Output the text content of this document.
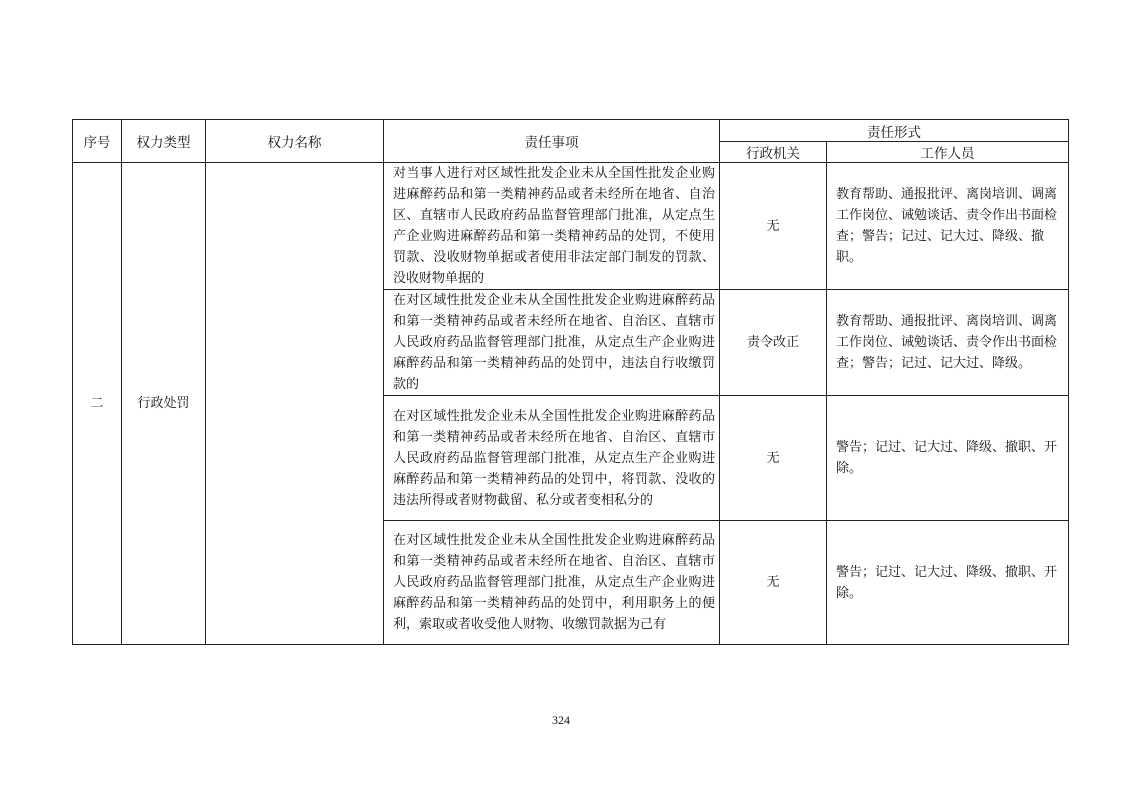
序号	权力类型	权力名称	责任事项	责任形式	
				行政机关	工作人员
二	行政处罚		对当事人进行对区域性批发企业未从全国性批发企业购进麻醉药品和第一类精神药品或者未经所在地省、自治区、直辖市人民政府药品监督管理部门批准，从定点生产企业购进麻醉药品和第一类精神药品的处罚，不使用罚款、没收财物单据或者使用非法定部门制发的罚款、没收财物单据的	无	教育帮助、通报批评、离岗培训、调离工作岗位、诫勉谈话、责令作出书面检查；警告；记过、记大过、降级、撤职。
			在对区域性批发企业未从全国性批发企业购进麻醉药品和第一类精神药品或者未经所在地省、自治区、直辖市人民政府药品监督管理部门批准，从定点生产企业购进麻醉药品和第一类精神药品的处罚中，违法自行收缴罚款的	责令改正	教育帮助、通报批评、离岗培训、调离工作岗位、诫勉谈话、责令作出书面检查；警告；记过、记大过、降级。
			在对区域性批发企业未从全国性批发企业购进麻醉药品和第一类精神药品或者未经所在地省、自治区、直辖市人民政府药品监督管理部门批准，从定点生产企业购进麻醉药品和第一类精神药品的处罚中，将罚款、没收的违法所得或者财物截留、私分或者变相私分的	无	警告；记过、记大过、降级、撤职、开除。
			在对区域性批发企业未从全国性批发企业购进麻醉药品和第一类精神药品或者未经所在地省、自治区、直辖市人民政府药品监督管理部门批准，从定点生产企业购进麻醉药品和第一类精神药品的处罚中，利用职务上的便利，索取或者收受他人财物、收缴罚款据为己有	无	警告；记过、记大过、降级、撤职、开除。
324
